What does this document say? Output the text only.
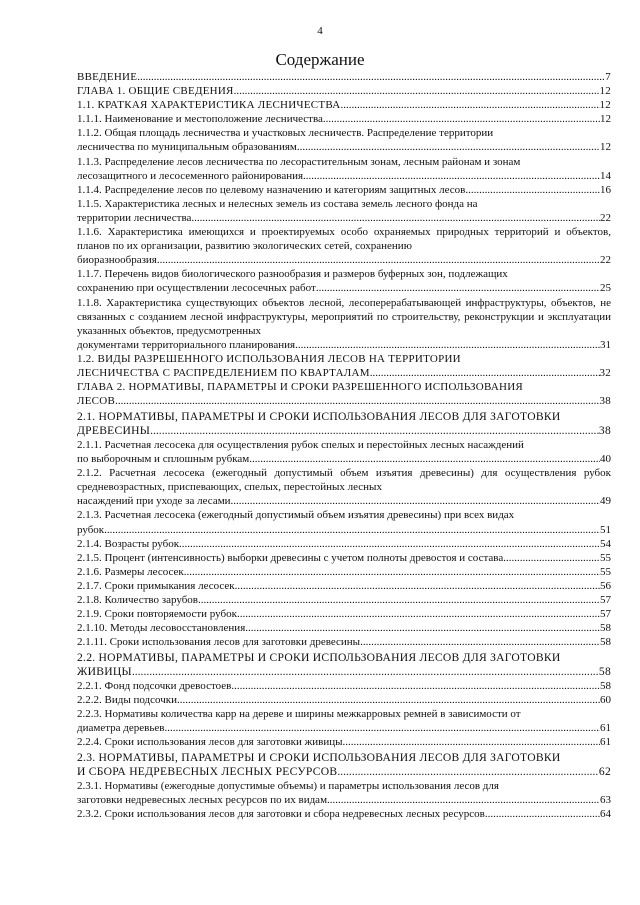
4
Содержание
ВВЕДЕНИЕ .....	7
ГЛАВА 1. ОБЩИЕ СВЕДЕНИЯ .....	12
1.1. КРАТКАЯ ХАРАКТЕРИСТИКА ЛЕСНИЧЕСТВА .....	12
1.1.1. Наименование и местоположение лесничества .....	12
1.1.2. Общая площадь лесничества и участковых лесничеств. Распределение территории
лесничества по муниципальным образованиям .....	12
1.1.3. Распределение лесов лесничества по лесорастительным зонам, лесным районам и зонам
лесозащитного и лесосеменного районирования .....	14
1.1.4. Распределение лесов по целевому назначению и категориям защитных лесов .....	16
1.1.5. Характеристика лесных и нелесных земель из состава земель лесного фонда на
территории лесничества .....	22
1.1.6. Характеристика имеющихся и проектируемых особо охраняемых природных территорий и объектов, планов по их организации, развитию экологических сетей, сохранению
биоразнообразия .....	22
1.1.7. Перечень видов биологического разнообразия и размеров буферных зон, подлежащих
сохранению при осуществлении лесосечных работ .....	25
1.1.8. Характеристика существующих объектов лесной, лесоперерабатывающей инфраструктуры, объектов, не связанных с созданием лесной инфраструктуры, мероприятий по строительству, реконструкции и эксплуатации указанных объектов, предусмотренных
документами территориального планирования .....	31
1.2. ВИДЫ РАЗРЕШЕННОГО ИСПОЛЬЗОВАНИЯ ЛЕСОВ НА ТЕРРИТОРИИ
ЛЕСНИЧЕСТВА С РАСПРЕДЕЛЕНИЕМ ПО КВАРТАЛАМ .....	32
ГЛАВА 2. НОРМАТИВЫ, ПАРАМЕТРЫ И СРОКИ РАЗРЕШЕННОГО ИСПОЛЬЗОВАНИЯ
ЛЕСОВ .....	38
2.1. НОРМАТИВЫ, ПАРАМЕТРЫ И СРОКИ ИСПОЛЬЗОВАНИЯ ЛЕСОВ ДЛЯ ЗАГОТОВКИ
ДРЕВЕСИНЫ .....	38
2.1.1. Расчетная лесосека для осуществления рубок спелых и перестойных лесных насаждений
по выборочным и сплошным рубкам .....	40
2.1.2. Расчетная лесосека (ежегодный допустимый объем изъятия древесины) для осуществления рубок средневозрастных, приспевающих, спелых, перестойных лесных
насаждений при уходе за лесами .....	49
2.1.3. Расчетная лесосека (ежегодный допустимый объем изъятия древесины) при всех видах
рубок .....	51
2.1.4. Возрасты рубок .....	54
2.1.5. Процент (интенсивность) выборки древесины с учетом полноты древостоя и состава .....	55
2.1.6. Размеры лесосек .....	55
2.1.7. Сроки примыкания лесосек .....	56
2.1.8. Количество зарубов .....	57
2.1.9. Сроки повторяемости рубок .....	57
2.1.10. Методы лесовосстановления .....	58
2.1.11. Сроки использования лесов для заготовки древесины .....	58
2.2. НОРМАТИВЫ, ПАРАМЕТРЫ И СРОКИ ИСПОЛЬЗОВАНИЯ ЛЕСОВ ДЛЯ ЗАГОТОВКИ
ЖИВИЦЫ .....	58
2.2.1. Фонд подсочки древостоев .....	58
2.2.2. Виды подсочки .....	60
2.2.3. Нормативы количества карр на дереве и ширины межкарровых ремней в зависимости от
диаметра деревьев .....	61
2.2.4. Сроки использования лесов для заготовки живицы .....	61
2.3. НОРМАТИВЫ, ПАРАМЕТРЫ И СРОКИ ИСПОЛЬЗОВАНИЯ ЛЕСОВ ДЛЯ ЗАГОТОВКИ
И СБОРА НЕДРЕВЕСНЫХ ЛЕСНЫХ РЕСУРСОВ .....	62
2.3.1. Нормативы (ежегодные допустимые объемы) и параметры использования лесов для
заготовки недревесных лесных ресурсов по их видам .....	63
2.3.2. Сроки использования лесов для заготовки и сбора недревесных лесных ресурсов .....	64
